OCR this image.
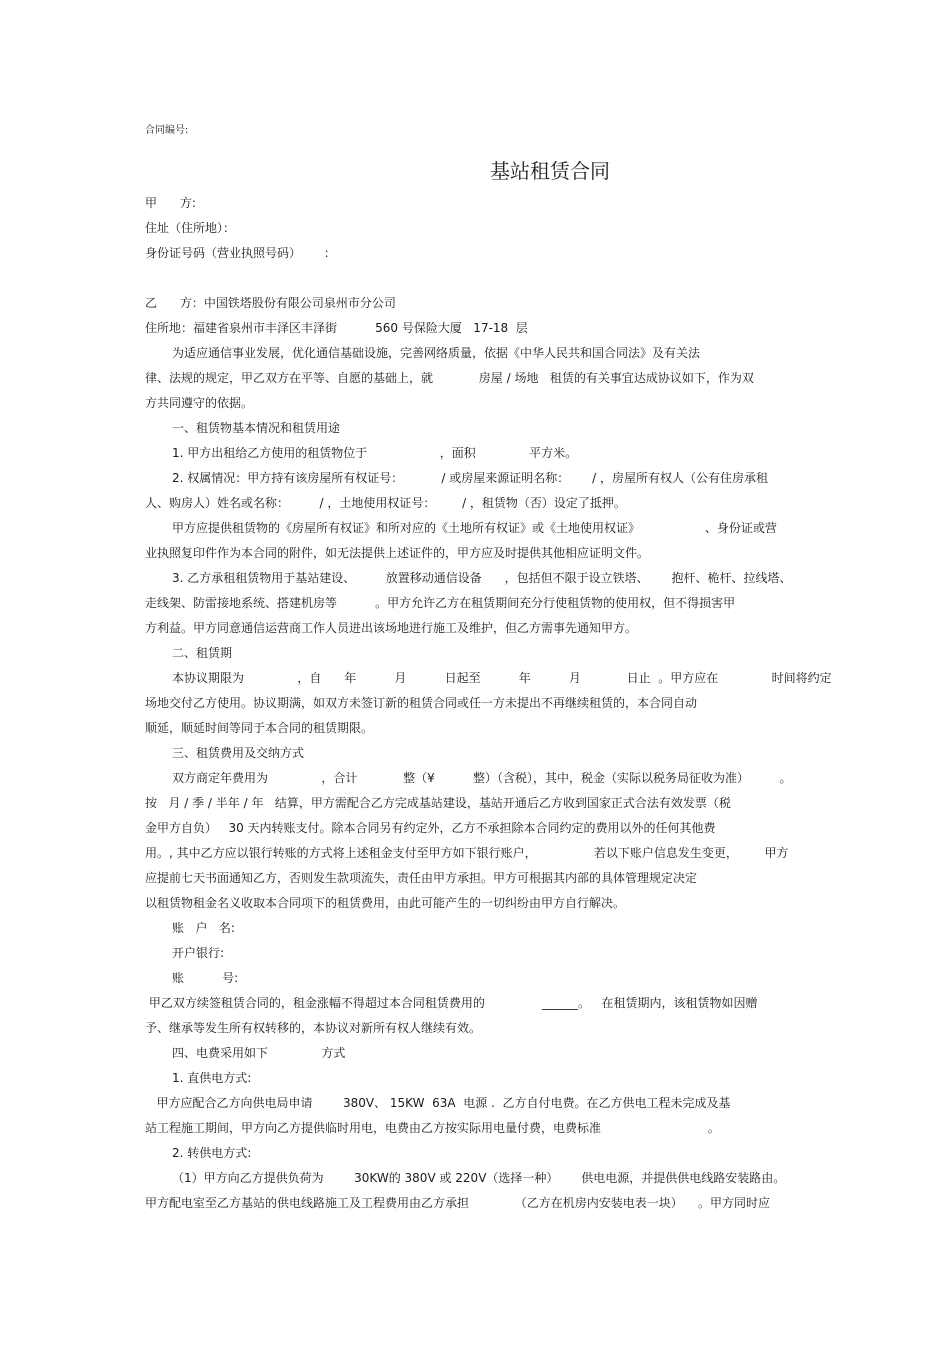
合同编号:
基站租赁合同
甲      方:
住址（住所地）：
身份证号码（营业执照号码）      ：
乙      方：中国铁塔股份有限公司泉州市分公司
住所地：福建省泉州市丰泽区丰泽街          560 号保险大厦   17-18  层
为适应通信事业发展，优化通信基础设施，完善网络质量，依据《中华人民共和国合同法》及有关法
律、法规的规定，甲乙双方在平等、自愿的基础上，就            房屋 / 场地   租赁的有关事宜达成协议如下，作为双
方共同遵守的依据。
一、租赁物基本情况和租赁用途
1. 甲方出租给乙方使用的租赁物位于                   ，面积              平方米。
2. 权属情况：甲方持有该房屋所有权证号：          / 或房屋来源证明名称：      / ，房屋所有权人（公有住房承租
人、购房人）姓名或名称：        / ，土地使用权证号：       / ，租赁物（否）设定了抵押。
甲方应提供租赁物的《房屋所有权证》和所对应的《土地所有权证》或《土地使用权证》                 、身份证或营
业执照复印件作为本合同的附件，如无法提供上述证件的，甲方应及时提供其他相应证明文件。
3. 乙方承租租赁物用于基站建设、        放置移动通信设备      ，包括但不限于设立铁塔、      抱杆、桅杆、拉线塔、
走线架、防雷接地系统、搭建机房等          。甲方允许乙方在租赁期间充分行使租赁物的使用权，但不得损害甲
方利益。甲方同意通信运营商工作人员进出该场地进行施工及维护，但乙方需事先通知甲方。
二、租赁期
本协议期限为              ，自      年          月          日起至          年          月            日止  。甲方应在              时间将约定
场地交付乙方使用。协议期满，如双方未签订新的租赁合同或任一方未提出不再继续租赁的，本合同自动
顺延，顺延时间等同于本合同的租赁期限。
三、租赁费用及交纳方式
双方商定年费用为              ，合计            整（¥          整）（含税），其中，税金（实际以税务局征收为准）        。
按   月 / 季 / 半年 / 年   结算，甲方需配合乙方完成基站建设，基站开通后乙方收到国家正式合法有效发票（税
金甲方自负）   30 天内转账支付。除本合同另有约定外，乙方不承担除本合同约定的费用以外的任何其他费
用。, 其中乙方应以银行转账的方式将上述租金支付至甲方如下银行账户，               若以下账户信息发生变更，       甲方
应提前七天书面通知乙方，否则发生款项流失，责任由甲方承担。甲方可根据其内部的具体管理规定决定
以租赁物租金名义收取本合同项下的租赁费用，由此可能产生的一切纠纷由甲方自行解决。
账   户   名:
开户银行:
账          号:
甲乙双方续签租赁合同的，租金涨幅不得超过本合同租赁费用的               ______。   在租赁期内，该租赁物如因赠
予、继承等发生所有权转移的，本协议对新所有权人继续有效。
四、电费采用如下              方式
1. 直供电方式:
甲方应配合乙方向供电局申请        380V、 15KW  63A  电源 .  乙方自付电费。在乙方供电工程未完成及基
站工程施工期间，甲方向乙方提供临时用电，电费由乙方按实际用电量付费，电费标准                            。
2. 转供电方式:
（1）甲方向乙方提供负荷为        30KW的 380V 或 220V（选择一种）      供电电源，并提供供电线路安装路由。
甲方配电室至乙方基站的供电线路施工及工程费用由乙方承担            （乙方在机房内安装电表一块）    。甲方同时应
